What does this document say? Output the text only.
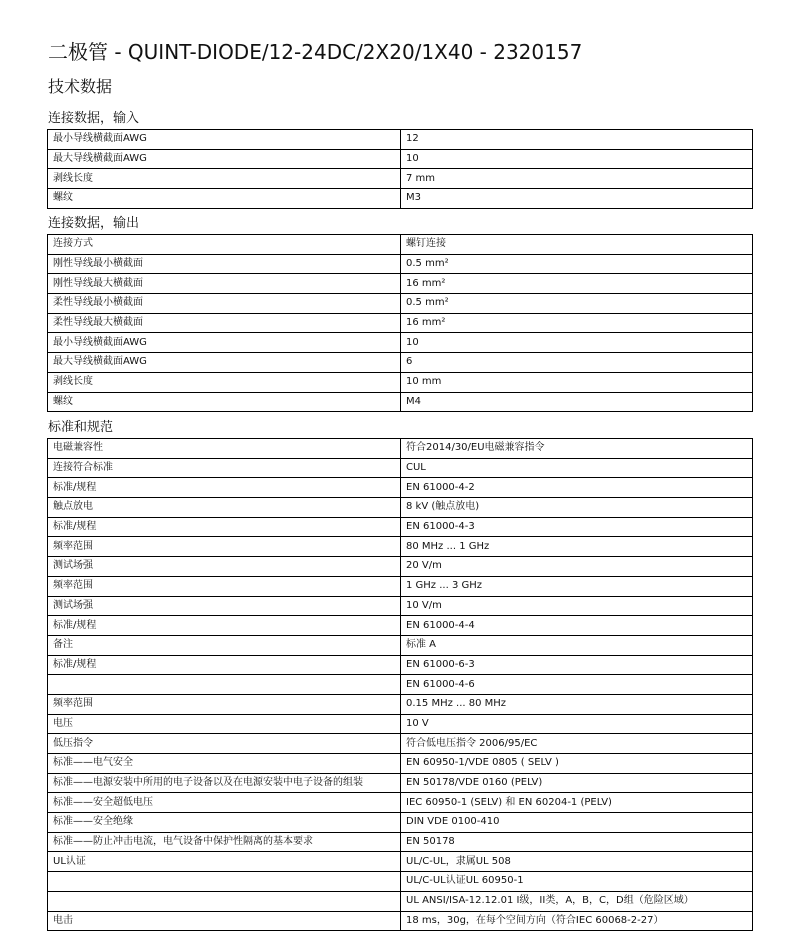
二极管 - QUINT-DIODE/12-24DC/2X20/1X40 - 2320157
技术数据
连接数据，输入
最小导线横截面AWG	12
最大导线横截面AWG	10
剥线长度	7 mm
螺纹	M3
连接数据，输出
连接方式	螺钉连接
刚性导线最小横截面	0.5 mm²
刚性导线最大横截面	16 mm²
柔性导线最小横截面	0.5 mm²
柔性导线最大横截面	16 mm²
最小导线横截面AWG	10
最大导线横截面AWG	6
剥线长度	10 mm
螺纹	M4
标准和规范
电磁兼容性	符合2014/30/EU电磁兼容指令
连接符合标准	CUL
标准/规程	EN 61000-4-2
触点放电	8 kV (触点放电)
标准/规程	EN 61000-4-3
频率范围	80 MHz ... 1 GHz
测试场强	20 V/m
频率范围	1 GHz ... 3 GHz
测试场强	10 V/m
标准/规程	EN 61000-4-4
备注	标准 A
标准/规程	EN 61000-6-3
	EN 61000-4-6
频率范围	0.15 MHz ... 80 MHz
电压	10 V
低压指令	符合低电压指令 2006/95/EC
标准——电气安全	EN 60950-1/VDE 0805 ( SELV )
标准——电源安装中所用的电子设备以及在电源安装中电子设备的组装	EN 50178/VDE 0160 (PELV)
标准——安全超低电压	IEC 60950-1 (SELV) 和 EN 60204-1 (PELV)
标准——安全绝缘	DIN VDE 0100-410
标准——防止冲击电流，电气设备中保护性隔离的基本要求	EN 50178
UL认证	UL/C-UL，隶属UL 508
	UL/C-UL认证UL 60950-1
	UL ANSI/ISA-12.12.01 I级，II类，A，B，C，D组（危险区域）
电击	18 ms，30g，在每个空间方向（符合IEC 60068-2-27）
